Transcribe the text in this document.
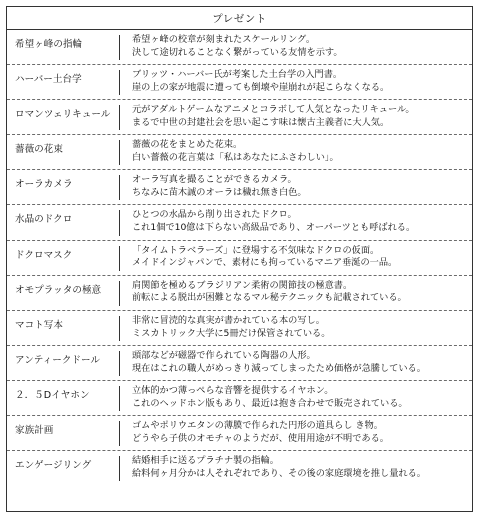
プレゼント
希望ヶ峰の指輪	希望ヶ峰の校章が刻まれたスケールリング。
決して途切れることなく繋がっている友情を示す。
ハーバー土台学	ブリッツ・ハーバー氏が考案した土台学の入門書。
崖の上の家が地震に遭っても倒壊や崖崩れが起こらなくなる。
ロマンツェリキュール	元がアダルトゲームなアニメとコラボして人気となったリキュール。
まるで中世の封建社会を思い起こす味は懐古主義者に大人気。
薔薇の花束	薔薇の花をまとめた花束。
白い薔薇の花言葉は「私はあなたにふさわしい」。
オーラカメラ	オーラ写真を撮ることができるカメラ。
ちなみに苗木誠のオーラは穢れ無き白色。
水晶のドクロ	ひとつの水晶から削り出されたドクロ。
これ1個で10億は下らない高級品であり、オーパーツとも呼ばれる。
ドクロマスク	「タイムトラベラーズ」に登場する不気味なドクロの仮面。
メイドインジャパンで、素材にも拘っているマニア垂涎の一品。
オモプラッタの極意	肩関節を極めるブラジリアン柔術の関節技の極意書。
前転による脱出が困難となるマル秘テクニックも記載されている。
マコト写本	非常に冒涜的な真実が書かれている本の写し。
ミスカトリック大学に5冊だけ保管されている。
アンティークドール	頭部などが磁器で作られている陶器の人形。
現在はこれの職人がめっきり減ってしまったため価格が急騰している。
２．５Dイヤホン	立体的かつ薄っぺらな音響を提供するイヤホン。
これのヘッドホン版もあり、最近は抱き合わせで販売されている。
家族計画	ゴムやポリウエタンの薄膜で作られた円形の道具らし き物。
どうやら子供のオモチャのようだが、使用用途が不明である。
エンゲージリング	結婚相手に送るプラチナ製の指輪。
給料何ヶ月分かは人それぞれであり、その後の家庭環境を推し量れる。
